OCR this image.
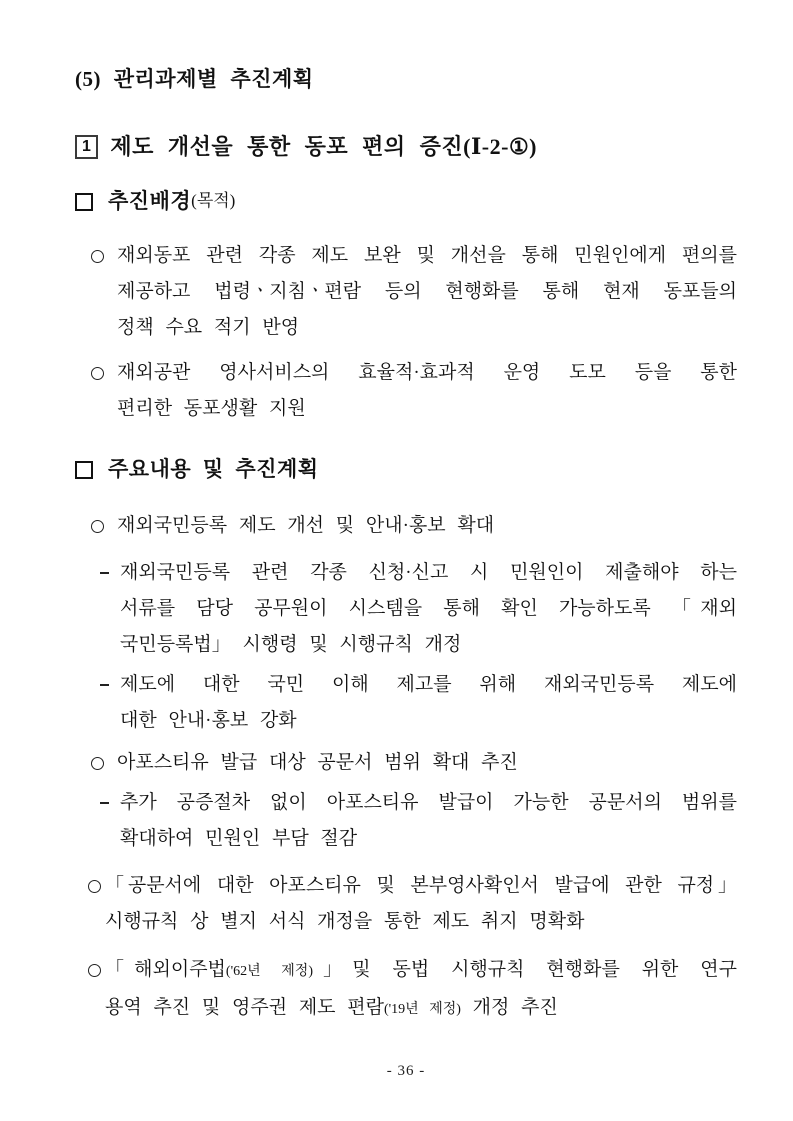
(5) 관리과제별 추진계획
1 제도 개선을 통한 동포 편의 증진(Ⅰ-2-①)
추진배경 (목적)
재외동포 관련 각종 제도 보완 및 개선을 통해 민원인에게 편의를
제공하고 법령ㆍ지침ㆍ편람 등의 현행화를 통해 현재 동포들의
정책 수요 적기 반영
재외공관 영사서비스의 효율적·효과적 운영 도모 등을 통한
편리한 동포생활 지원
주요내용 및 추진계획
재외국민등록 제도 개선 및 안내·홍보 확대
재외국민등록 관련 각종 신청·신고 시 민원인이 제출해야 하는
서류를 담당 공무원이 시스템을 통해 확인 가능하도록 「재외
국민등록법」 시행령 및 시행규칙 개정
제도에 대한 국민 이해 제고를 위해 재외국민등록 제도에
대한 안내·홍보 강화
아포스티유 발급 대상 공문서 범위 확대 추진
추가 공증절차 없이 아포스티유 발급이 가능한 공문서의 범위를
확대하여 민원인 부담 절감
「공문서에 대한 아포스티유 및 본부영사확인서 발급에 관한 규정」
시행규칙 상 별지 서식 개정을 통한 제도 취지 명확화
「해외이주법('62년 제정)」및 동법 시행규칙 현행화를 위한 연구
용역 추진 및 영주권 제도 편람('19년 제정) 개정 추진
- 36 -
